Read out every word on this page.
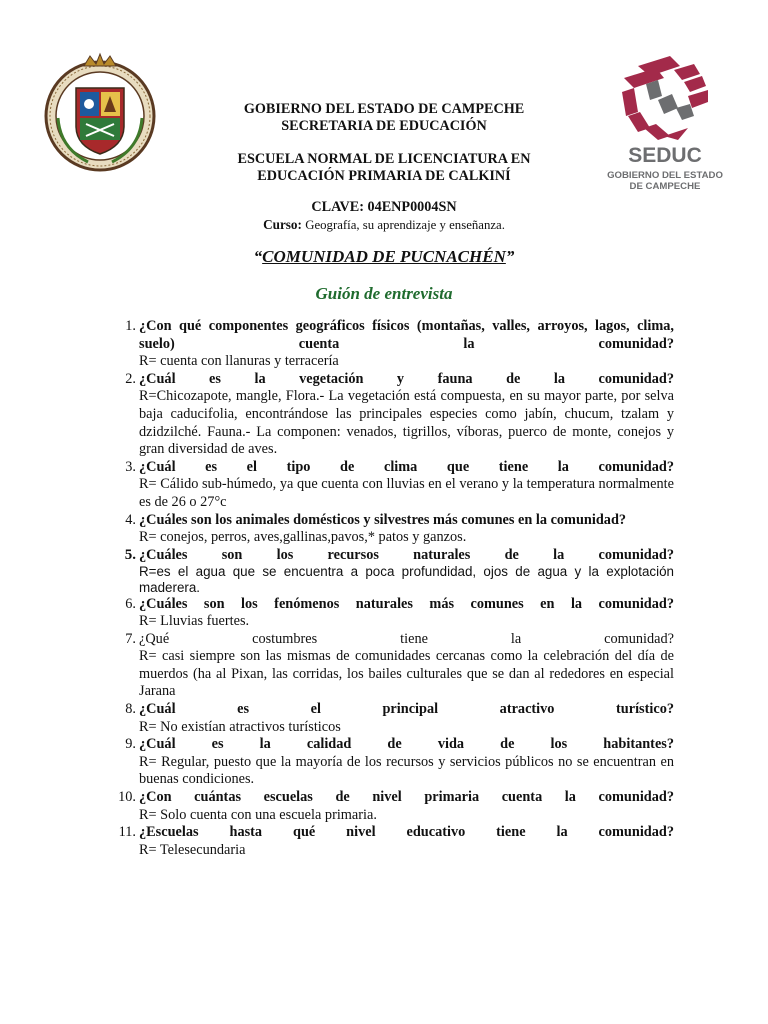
SEDUC
GOBIERNO DEL ESTADO
DE CAMPECHE
GOBIERNO DEL ESTADO DE CAMPECHE
SECRETARIA DE EDUCACIÓN
ESCUELA NORMAL DE LICENCIATURA EN
EDUCACIÓN PRIMARIA DE CALKINÍ
CLAVE: 04ENP0004SN
Curso: Geografía, su aprendizaje y enseñanza.
“COMUNIDAD DE PUCNACHÉN”
Guión de entrevista
1. ¿Con qué componentes geográficos físicos (montañas, valles, arroyos, lagos, clima, suelo) cuenta la comunidad?
R= cuenta con llanuras y terracería
2. ¿Cuál es la vegetación y fauna de la comunidad?
R=Chicozapote, mangle, Flora.- La vegetación está compuesta, en su mayor parte, por selva baja caducifolia, encontrándose las principales especies como jabín, chucum, tzalam y dzidzilché. Fauna.- La componen: venados, tigrillos, víboras, puerco de monte, conejos y gran diversidad de aves.
3. ¿Cuál es el tipo de clima que tiene la comunidad?
R= Cálido sub-húmedo, ya que cuenta con lluvias en el verano y la temperatura normalmente es de 26 o 27°c
4. ¿Cuáles son los animales domésticos y silvestres más comunes en la comunidad?
R= conejos, perros, aves,gallinas,pavos,* patos y ganzos.
5. ¿Cuáles son los recursos naturales de la comunidad?
R=es el agua que se encuentra a poca profundidad, ojos de agua y la explotación maderera.
6. ¿Cuáles son los fenómenos naturales más comunes en la comunidad?
R= Lluvias fuertes.
7. ¿Qué costumbres tiene la comunidad?
R= casi siempre son las mismas de comunidades cercanas como la celebración del día de muerdos (ha al Pixan, las corridas, los bailes culturales que se dan al rededores en especial Jarana
8. ¿Cuál es el principal atractivo turístico?
R= No existían atractivos turísticos
9. ¿Cuál es la calidad de vida de los habitantes?
R= Regular, puesto que la mayoría de los recursos y servicios públicos no se encuentran en buenas condiciones.
10. ¿Con cuántas escuelas de nivel primaria cuenta la comunidad?
R= Solo cuenta con una escuela primaria.
11. ¿Escuelas hasta qué nivel educativo tiene la comunidad?
R= Telesecundaria
